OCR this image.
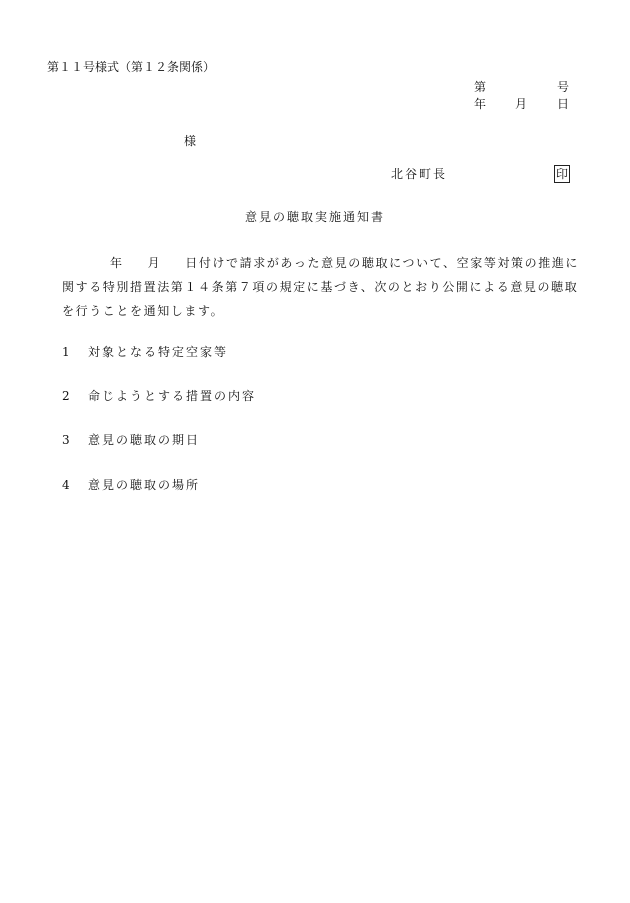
第１１号様式（第１２条関係）
第	号
年 月 日
様
北谷町長	印
意見の聴取実施通知書
年 月 日付けで請求があった意見の聴取について、空家等対策の推進に
関する特別措置法第１４条第７項の規定に基づき、次のとおり公開による意見の聴取
を行うことを通知します。
1 対象となる特定空家等
2 命じようとする措置の内容
3 意見の聴取の期日
4 意見の聴取の場所
